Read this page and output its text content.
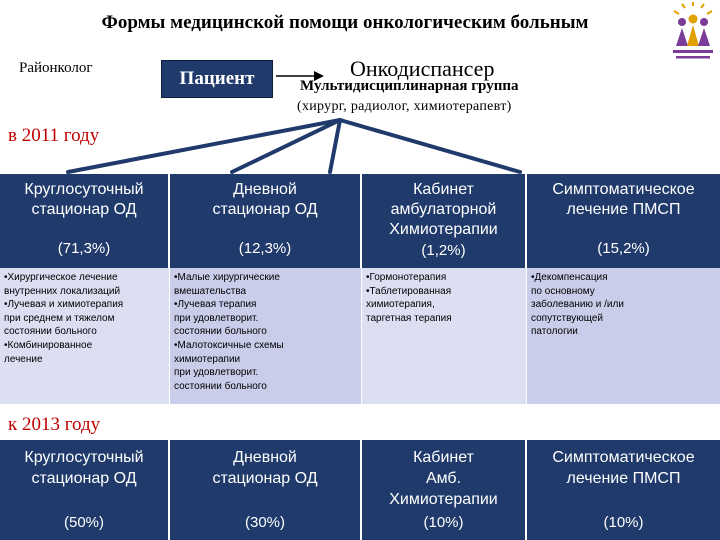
Формы медицинской помощи онкологическим больным
Районколог	Пациент	Онкодиспансер
Мультидисциплинарная группа
(хирург, радиолог, химиотерапевт)
в 2011 году
Круглосуточный
стационар ОД
(71,3%)
Дневной
стационар ОД
(12,3%)
Кабинет
амбулаторной
Химиотерапии
(1,2%)
Симптоматическое
лечение ПМСП
(15,2%)
•Хирургическое лечение
внутренних локализаций
•Лучевая и химиотерапия
при среднем и тяжелом
состоянии больного
•Комбинированное
лечение
•Малые хирургические
вмешательства
•Лучевая терапия
при удовлетворит.
состоянии больного
•Малотоксичные схемы
химиотерапии
при удовлетворит.
состоянии больного
•Гормонотерапия
•Таблетированная
химиотерапия,
таргетная терапия
•Декомпенсация
по основному
заболеванию и /или
сопутствующей
патологии
к 2013 году
Круглосуточный
стационар ОД
(50%)
Дневной
стационар ОД
(30%)
Кабинет
Амб.
Химиотерапии
(10%)
Симптоматическое
лечение ПМСП
(10%)
